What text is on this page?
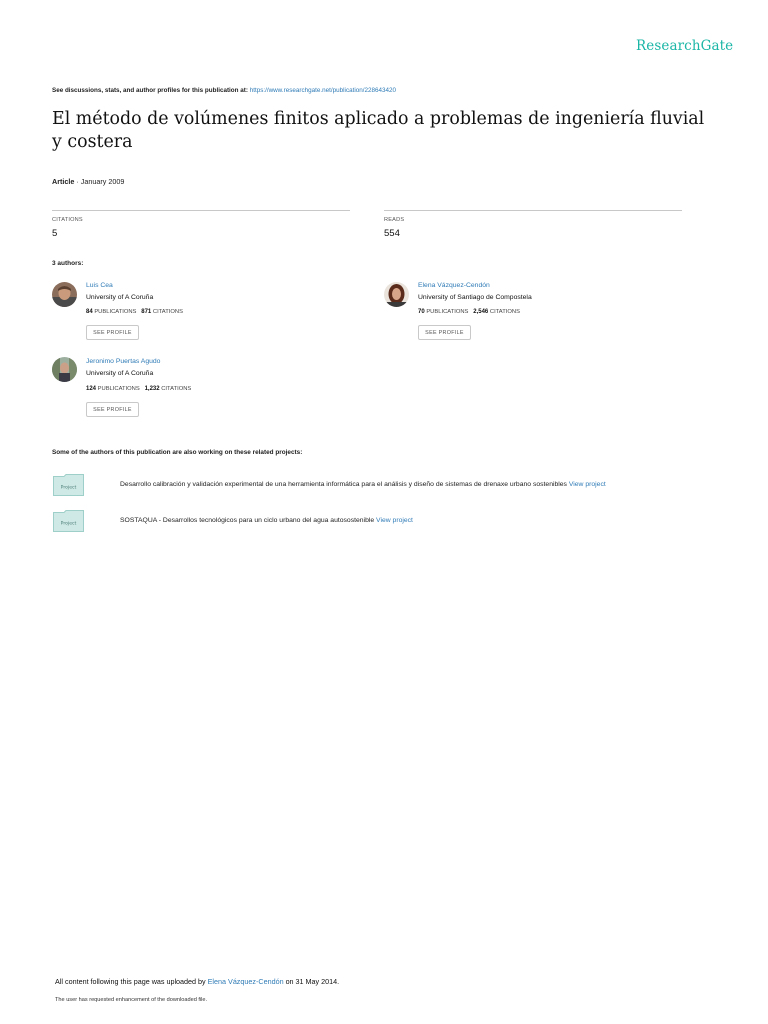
ResearchGate
See discussions, stats, and author profiles for this publication at: https://www.researchgate.net/publication/228643420
El método de volúmenes finitos aplicado a problemas de ingeniería fluvial y costera
Article · January 2009
CITATIONS
5
READS
554
3 authors:
Luis Cea
University of A Coruña
84 PUBLICATIONS 871 CITATIONS
SEE PROFILE
Elena Vázquez-Cendón
University of Santiago de Compostela
70 PUBLICATIONS 2,546 CITATIONS
SEE PROFILE
Jeronimo Puertas Agudo
University of A Coruña
124 PUBLICATIONS 1,232 CITATIONS
SEE PROFILE
Some of the authors of this publication are also working on these related projects:
Project	Desarrollo calibración y validación experimental de una herramienta informática para el análisis y diseño de sistemas de drenaxe urbano sostenibles View project
Project	SOSTAQUA - Desarrollos tecnológicos para un ciclo urbano del agua autosostenible View project
All content following this page was uploaded by Elena Vázquez-Cendón on 31 May 2014.
The user has requested enhancement of the downloaded file.
